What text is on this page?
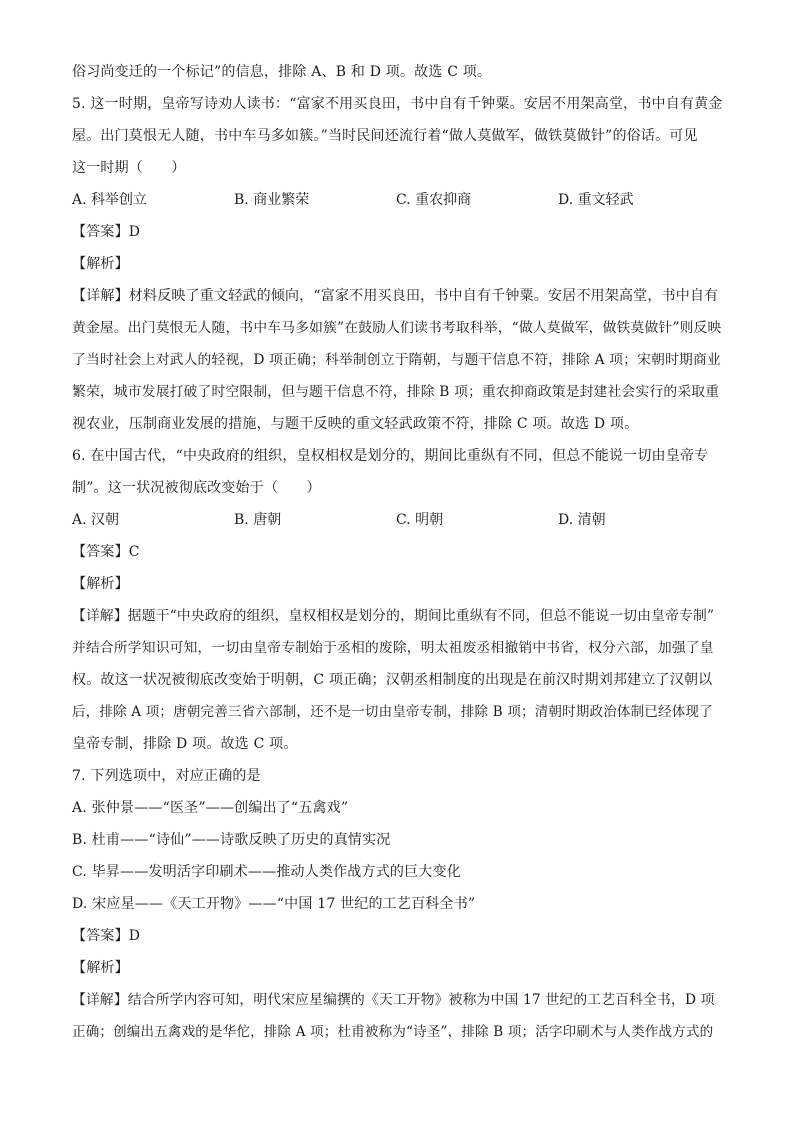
俗习尚变迁的一个标记”的信息，排除 A、B 和 D 项。故选 C 项。
5. 这一时期，皇帝写诗劝人读书：“富家不用买良田，书中自有千钟粟。安居不用架高堂，书中自有黄金
屋。出门莫恨无人随，书中车马多如簇。”当时民间还流行着“做人莫做军，做铁莫做针”的俗话。可见
这一时期（　　）
A. 科举创立	B. 商业繁荣	C. 重农抑商	D. 重文轻武
【答案】D
【解析】
【详解】材料反映了重文轻武的倾向，“富家不用买良田，书中自有千钟粟。安居不用架高堂，书中自有
黄金屋。出门莫恨无人随，书中车马多如簇”在鼓励人们读书考取科举，“做人莫做军，做铁莫做针”则反映
了当时社会上对武人的轻视，D 项正确；科举制创立于隋朝，与题干信息不符，排除 A 项；宋朝时期商业
繁荣，城市发展打破了时空限制，但与题干信息不符，排除 B 项；重农抑商政策是封建社会实行的采取重
视农业，压制商业发展的措施，与题干反映的重文轻武政策不符，排除 C 项。故选 D 项。
6. 在中国古代，“中央政府的组织，皇权相权是划分的，期间比重纵有不同，但总不能说一切由皇帝专
制”。这一状况被彻底改变始于（　　）
A. 汉朝	B. 唐朝	C. 明朝	D. 清朝
【答案】C
【解析】
【详解】据题干“中央政府的组织，皇权相权是划分的，期间比重纵有不同，但总不能说一切由皇帝专制”
并结合所学知识可知，一切由皇帝专制始于丞相的废除，明太祖废丞相撤销中书省，权分六部，加强了皇
权。故这一状况被彻底改变始于明朝，C 项正确；汉朝丞相制度的出现是在前汉时期刘邦建立了汉朝以
后，排除 A 项；唐朝完善三省六部制，还不是一切由皇帝专制，排除 B 项；清朝时期政治体制已经体现了
皇帝专制，排除 D 项。故选 C 项。
7. 下列选项中，对应正确的是
A. 张仲景——“医圣”——创编出了“五禽戏”
B. 杜甫——“诗仙”——诗歌反映了历史的真情实况
C. 毕昇——发明活字印刷术——推动人类作战方式的巨大变化
D. 宋应星——《天工开物》——“中国 17 世纪的工艺百科全书”
【答案】D
【解析】
【详解】结合所学内容可知，明代宋应星编撰的《天工开物》被称为中国 17 世纪的工艺百科全书，D 项
正确；创编出五禽戏的是华佗，排除 A 项；杜甫被称为“诗圣”，排除 B 项；活字印刷术与人类作战方式的
